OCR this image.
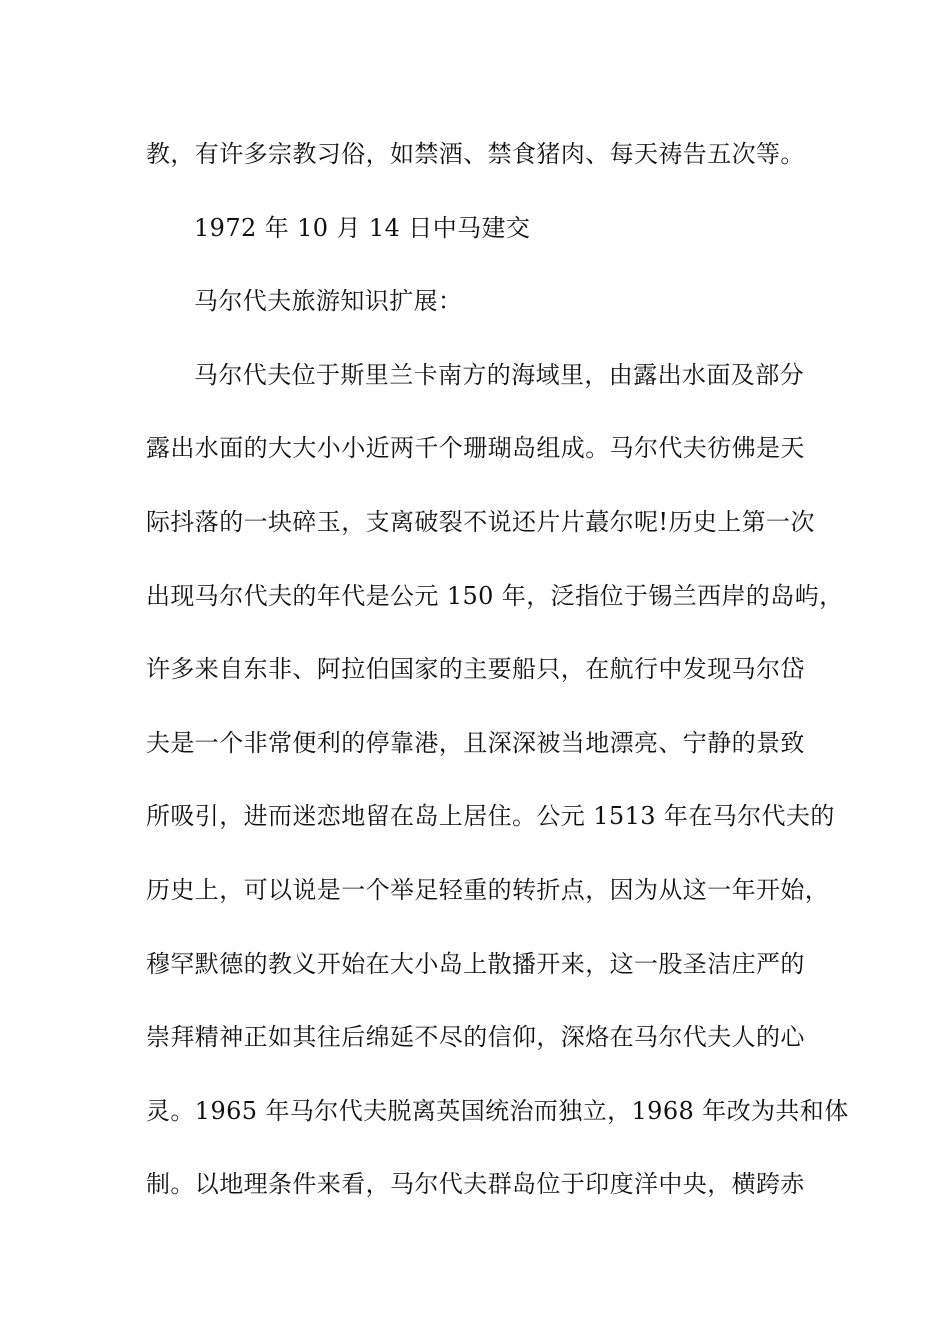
教，有许多宗教习俗，如禁酒、禁食猪肉、每天祷告五次等。
1972 年 10 月 14 日中马建交
马尔代夫旅游知识扩展：
马尔代夫位于斯里兰卡南方的海域里，由露出水面及部分
露出水面的大大小小近两千个珊瑚岛组成。马尔代夫彷佛是天
际抖落的一块碎玉，支离破裂不说还片片蕞尔呢!历史上第一次
出现马尔代夫的年代是公元 150 年，泛指位于锡兰西岸的岛屿，
许多来自东非、阿拉伯国家的主要船只，在航行中发现马尔岱
夫是一个非常便利的停靠港，且深深被当地漂亮、宁静的景致
所吸引，进而迷恋地留在岛上居住。公元 1513 年在马尔代夫的
历史上，可以说是一个举足轻重的转折点，因为从这一年开始，
穆罕默德的教义开始在大小岛上散播开来，这一股圣洁庄严的
崇拜精神正如其往后绵延不尽的信仰，深烙在马尔代夫人的心
灵。1965 年马尔代夫脱离英国统治而独立，1968 年改为共和体
制。以地理条件来看，马尔代夫群岛位于印度洋中央，横跨赤
